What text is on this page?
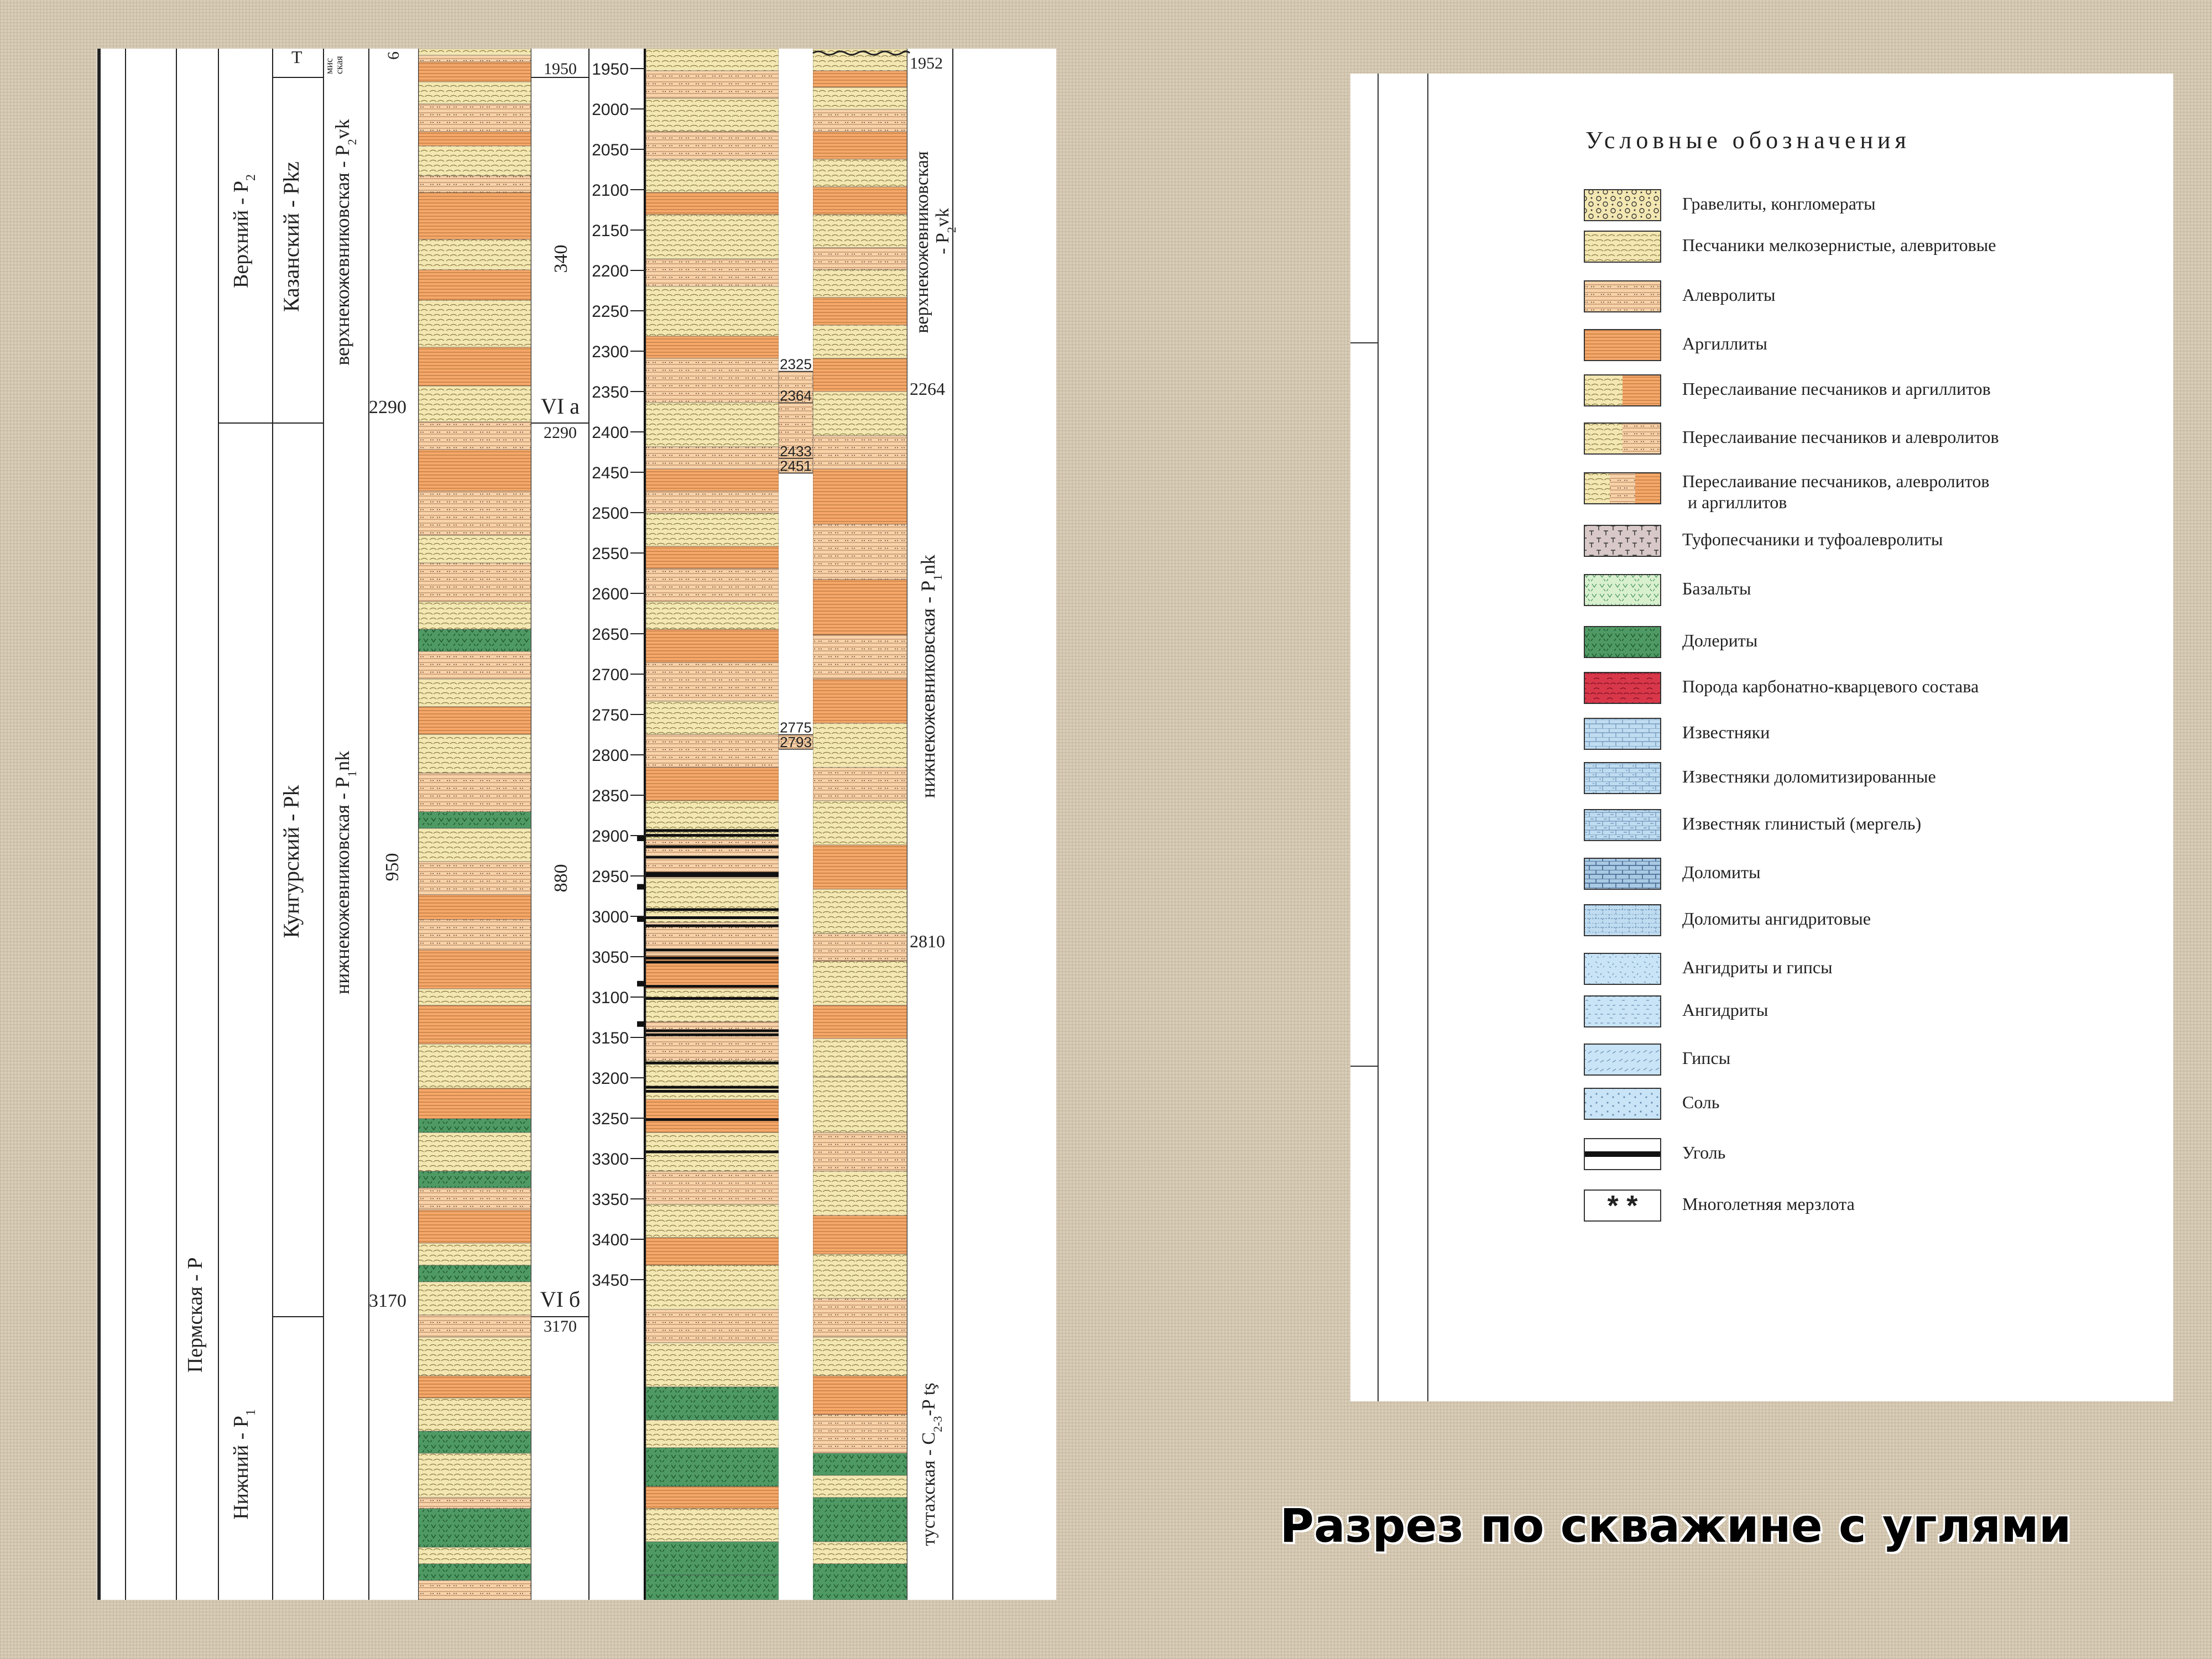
Пермская - Р
Верхний - $P_2$
Нижний - $P_1$
Казанский - Pkz
Кунгурский - Pk
Т
верхнекожевниковская - $P_2vk$
нижнекожевниковская - $P_1nk$
мис
ская
6
2290
950
3170
1950
340
VI а
2290
880
VI б
3170
1952
верхнекожевниковская - $P_2vk$
2264
нижнекожевниковская - $P_1nk$
2810
тустахская - $С_{2-3}-P$ tş
1950
2000
2050
2100
2150
2200
2250
2300
2350
2400
2450
2500
2550
2600
2650
2700
2750
2800
2850
2900
2950
3000
3050
3100
3150
3200
3250
3300
3350
3400
3450
2325
2364
2433
2451
2775
2793
Условные обозначения
Гравелиты, конгломераты
Песчаники мелкозернистые, алевритовые
Алевролиты
Аргиллиты
Переслаивание песчаников и аргиллитов
Переслаивание песчаников и алевролитов
Переслаивание песчаников, алевролитов
и аргиллитов
Туфопесчаники и туфоалевролиты
Базальты
Долериты
Порода карбонатно-кварцевого состава
Известняки
Известняки доломитизированные
Известняк глинистый (мергель)
Доломиты
Доломиты ангидритовые
Ангидриты и гипсы
Ангидриты
Гипсы
Соль
Уголь
* *	Многолетняя мерзлота
Разрез по скважине с углями
